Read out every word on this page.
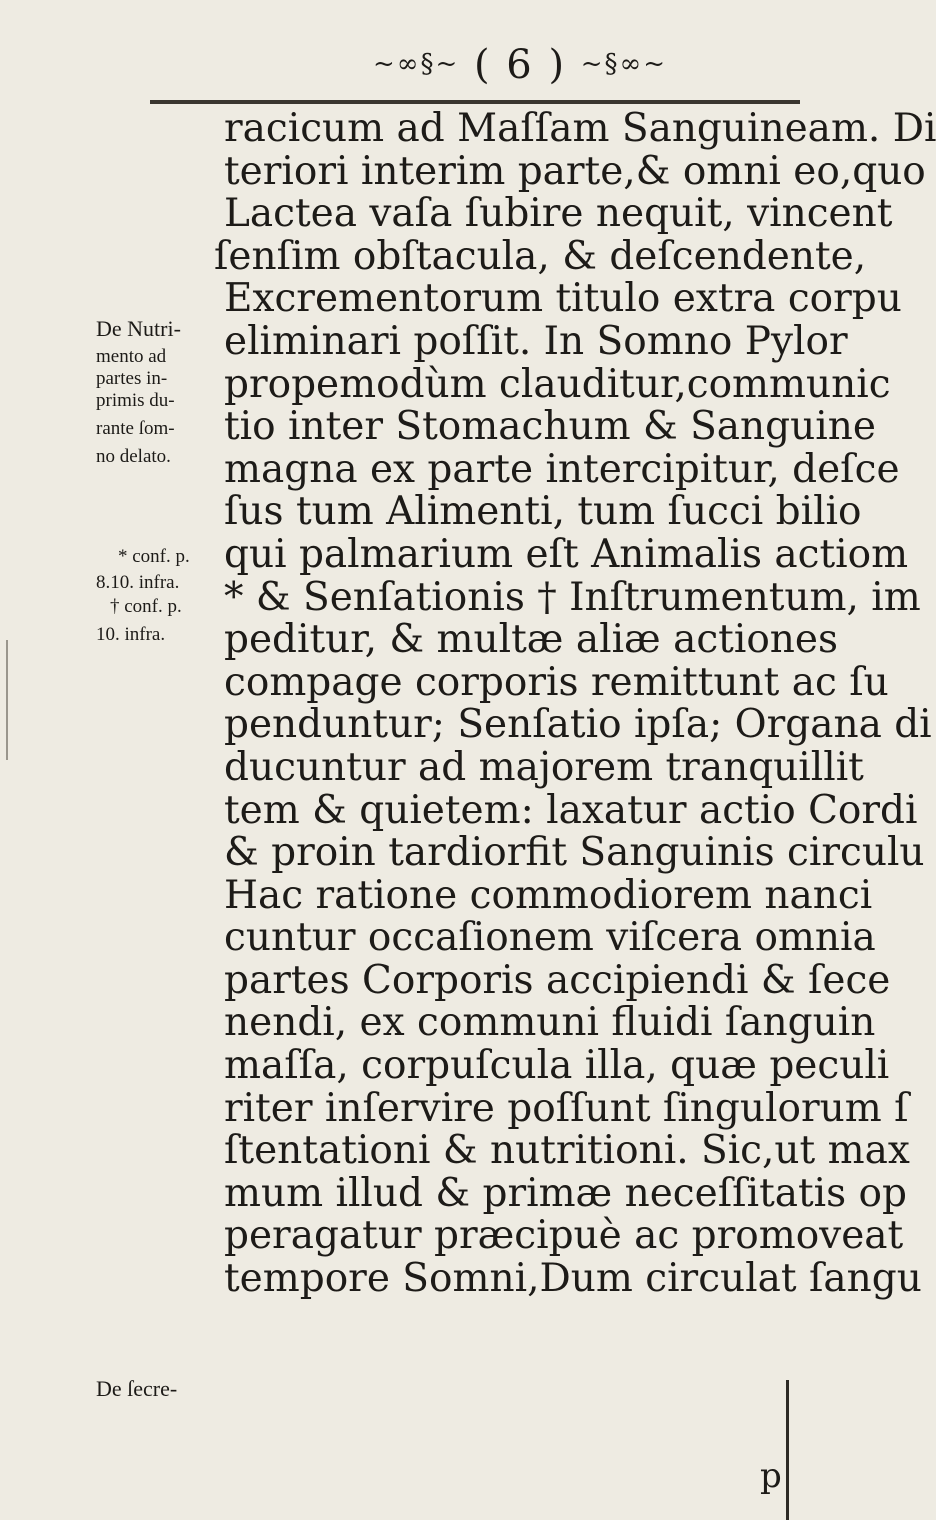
~∞§~ ( 6 ) ~§∞~
racicum ad Maſſam Sanguineam. Di
teriori interim parte,& omni eo,quo
Lactea vaſa ſubire nequit, vincent
ſenſim obſtacula, & deſcendente,
Excrementorum titulo extra corpu
eliminari poſſit. In Somno Pylor
propemodùm clauditur,communic
tio inter Stomachum & Sanguine
magna ex parte intercipitur, deſce
ſus tum Alimenti, tum ſucci bilio
qui palmarium eſt Animalis actiom
* & Senſationis † Inſtrumentum, im
peditur, & multæ aliæ actiones
compage corporis remittunt ac ſu
penduntur; Senſatio ipſa; Organa di
ducuntur ad majorem tranquillit
tem & quietem: laxatur actio Cordi
& proin tardiorfit Sanguinis circulu
Hac ratione commodiorem nanci
cuntur occaſionem viſcera omnia
partes Corporis accipiendi & ſece
nendi, ex communi fluidi ſanguin
maſſa, corpuſcula illa, quæ peculi
riter inſervire poſſunt ſingulorum ſ
ſtentationi & nutritioni. Sic,ut max
mum illud & primæ neceſſitatis op
peragatur præcipuè ac promoveat
tempore Somni,Dum circulat ſangu
De Nutri-
mento ad
partes in-
primis du-
rante ſom-
no delato.
* conf. p.
8.10. infra.
† conf. p.
10. infra.
De ſecre-
p
